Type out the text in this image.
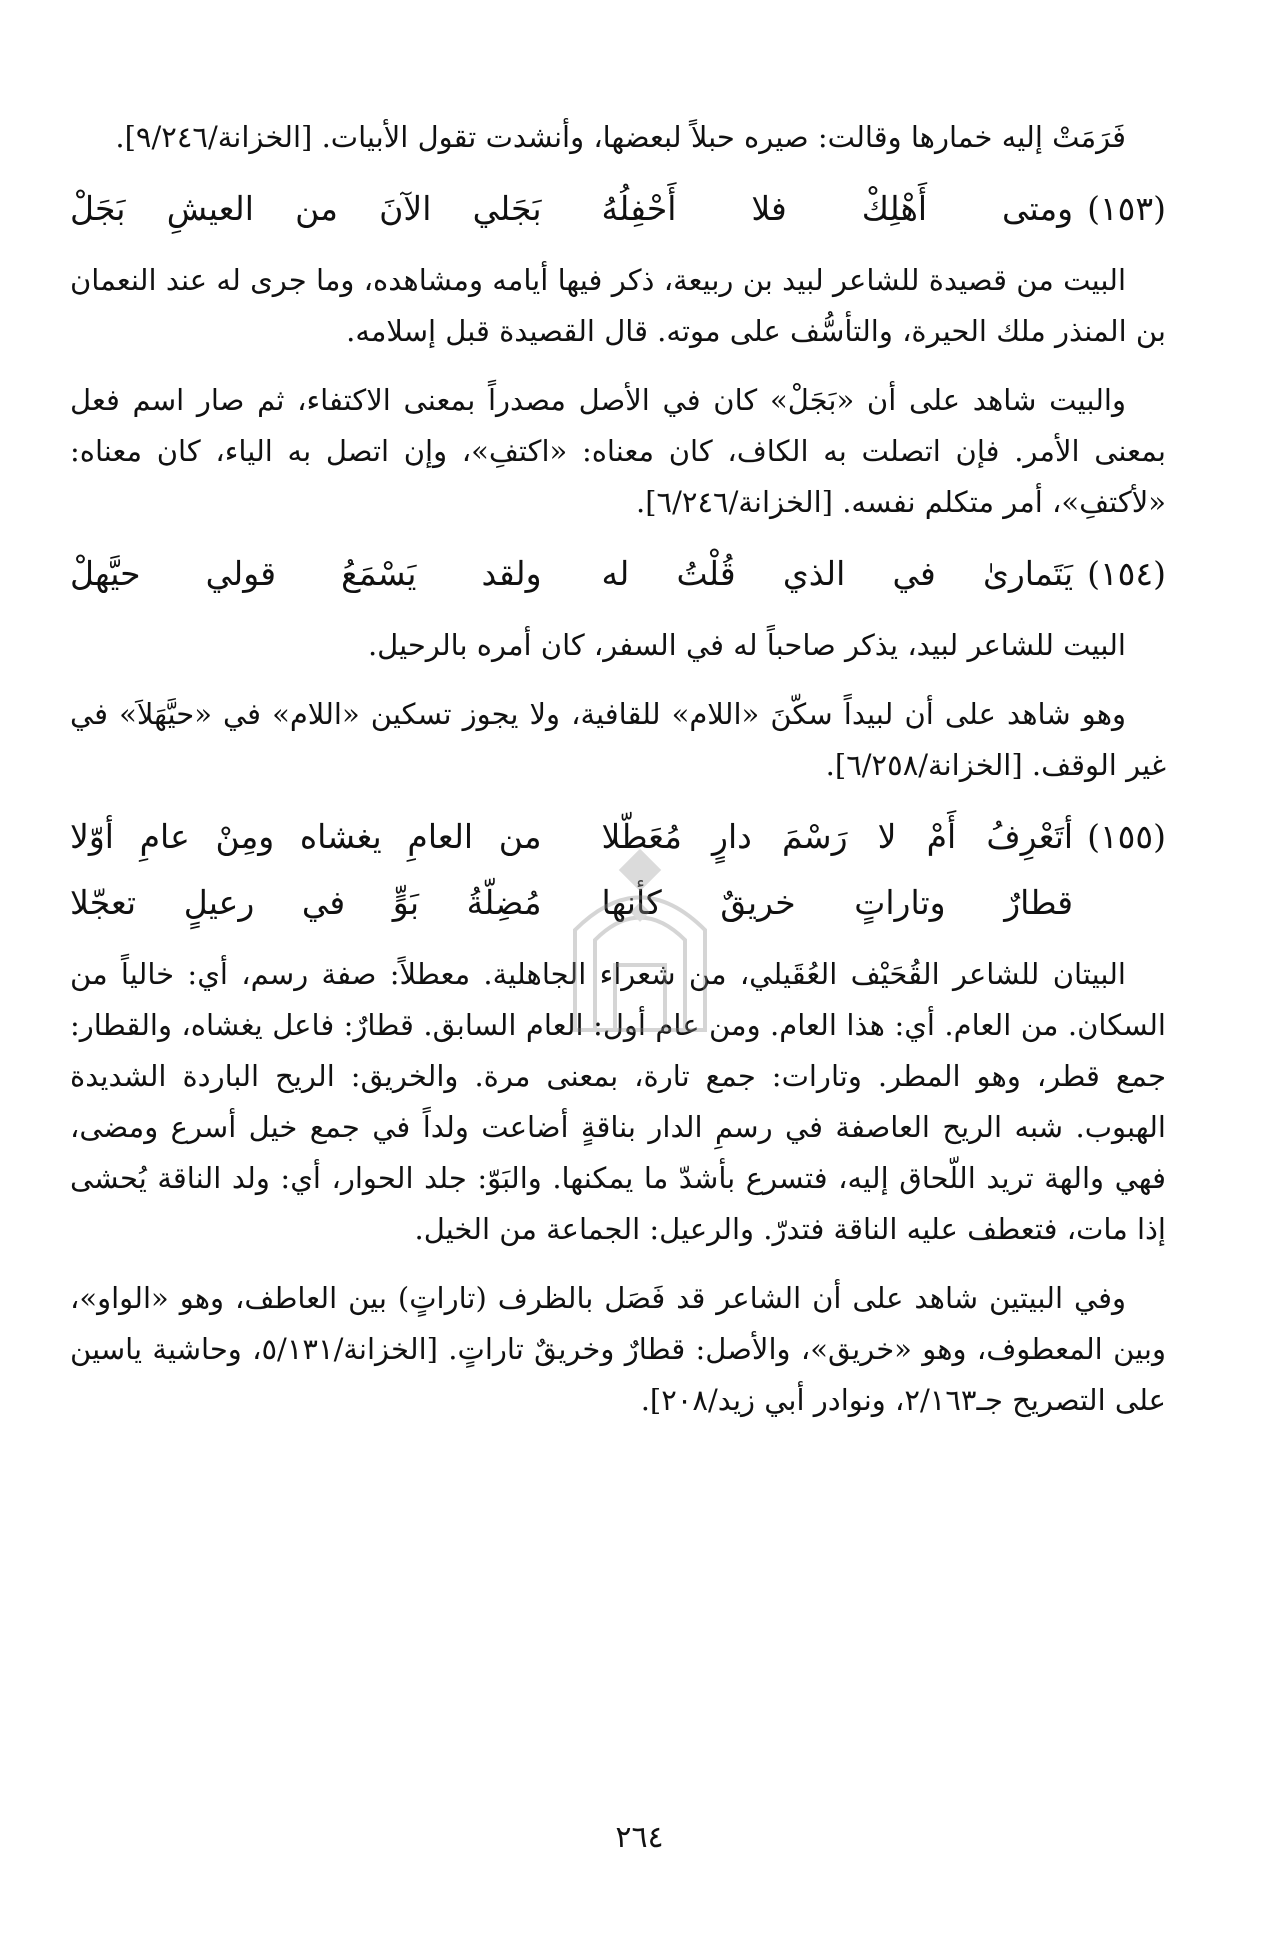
فَرَمَتْ إليه خمارها وقالت: صيره حبلاً لبعضها، وأنشدت تقول الأبيات. [الخزانة/٩/٢٤٦].

(١٥٣)
ومتى أَهْلِكْ فلا أَحْفِلُهُ
بَجَلي الآنَ من العيشِ بَجَلْ

البيت من قصيدة للشاعر لبيد بن ربيعة، ذكر فيها أيامه ومشاهده، وما جرى له عند النعمان بن المنذر ملك الحيرة، والتأسُّف على موته. قال القصيدة قبل إسلامه.

والبيت شاهد على أن «بَجَلْ» كان في الأصل مصدراً بمعنى الاكتفاء، ثم صار اسم فعل بمعنى الأمر. فإن اتصلت به الكاف، كان معناه: «اكتفِ»، وإن اتصل به الياء، كان معناه: «لأكتفِ»، أمر متكلم نفسه. [الخزانة/٦/٢٤٦].

(١٥٤)
يَتَمارىٰ في الذي قُلْتُ له
ولقد يَسْمَعُ قولي حيَّهلْ

البيت للشاعر لبيد، يذكر صاحباً له في السفر، كان أمره بالرحيل.

وهو شاهد على أن لبيداً سكّنَ «اللام» للقافية، ولا يجوز تسكين «اللام» في «حيَّهَلاَ» في غير الوقف. [الخزانة/٦/٢٥٨].

(١٥٥)
أتَعْرِفُ أَمْ لا رَسْمَ دارٍ مُعَطّلا
من العامِ يغشاه ومِنْ عامِ أوّلا
قطارٌ وتاراتٍ خريقٌ كأنها
مُضِلّةُ بَوٍّ في رعيلٍ تعجّلا

البيتان للشاعر القُحَيْف العُقَيلي، من شعراء الجاهلية. معطلاً: صفة رسم، أي: خالياً من السكان. من العام. أي: هذا العام. ومن عام أول: العام السابق. قطارٌ: فاعل يغشاه، والقطار: جمع قطر، وهو المطر. وتارات: جمع تارة، بمعنى مرة. والخريق: الريح الباردة الشديدة الهبوب. شبه الريح العاصفة في رسمِ الدار بناقةٍ أضاعت ولداً في جمع خيل أسرع ومضى، فهي والهة تريد اللّحاق إليه، فتسرع بأشدّ ما يمكنها. والبَوّ: جلد الحوار، أي: ولد الناقة يُحشى إذا مات، فتعطف عليه الناقة فتدرّ. والرعيل: الجماعة من الخيل.

وفي البيتين شاهد على أن الشاعر قد فَصَل بالظرف (تاراتٍ) بين العاطف، وهو «الواو»، وبين المعطوف، وهو «خريق»، والأصل: قطارٌ وخريقٌ تاراتٍ. [الخزانة/٥/١٣١، وحاشية ياسين على التصريح جـ٢/١٦٣، ونوادر أبي زيد/٢٠٨].

٢٦٤
